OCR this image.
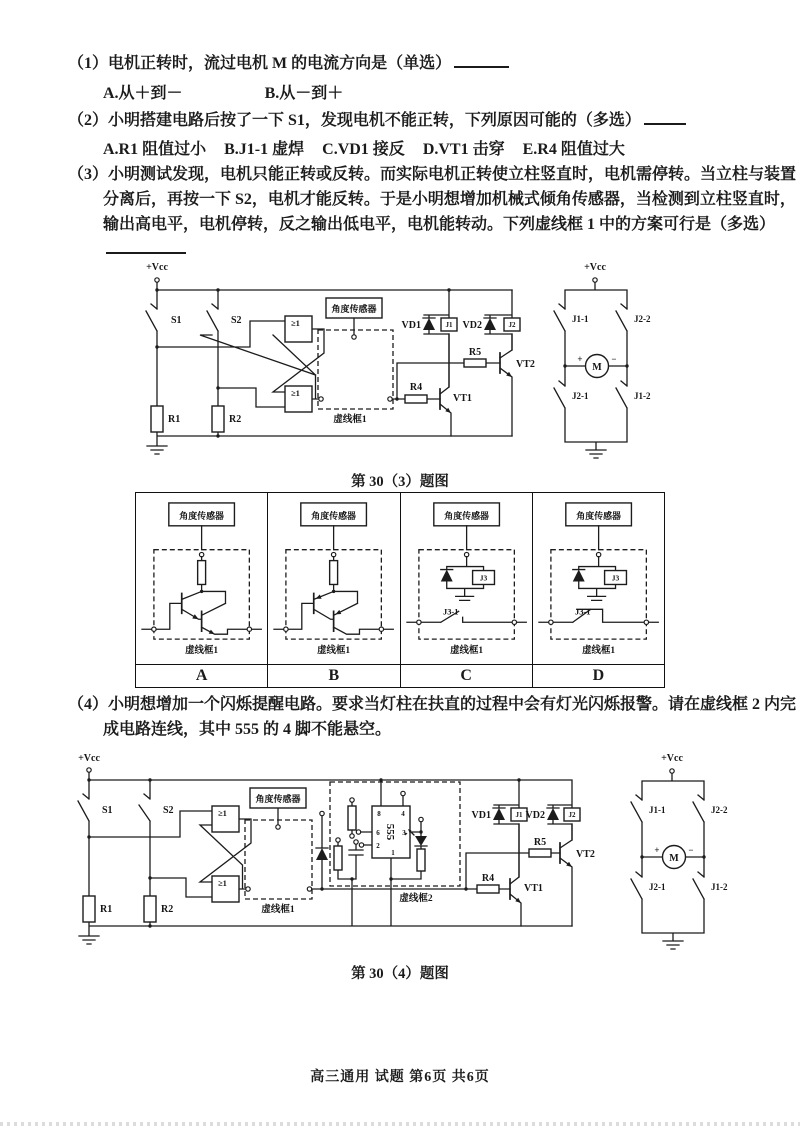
（1）电机正转时，流过电机 M 的电流方向是（单选）
A.从＋到－	B.从－到＋
（2）小明搭建电路后按了一下 S1，发现电机不能正转，下列原因可能的（多选）
A.R1 阻值过小 B.J1-1 虚焊 C.VD1 接反 D.VT1 击穿 E.R4 阻值过大
（3）小明测试发现，电机只能正转或反转。而实际电机正转使立柱竖直时，电机需停转。当立柱与装置分离后，再按一下 S2，电机才能反转。于是小明想增加机械式倾角传感器，当检测到立柱竖直时，输出高电平，电机停转，反之输出低电平，电机能转动。下列虚线框 1 中的方案可行是（多选）
+Vcc
S1	S2
R1	R2
≥1
≥1
角度传感器
虚线框1
VD1	J1 VD2	J2
R4
R5
VT1
VT2
+Vcc
J1-1	J2-2
J2-1	J1-2
M
+	−
第 30（3）题图
角度传感器
虚线框1
角度传感器
虚线框1
角度传感器
J3
J3-1
虚线框1
角度传感器
J3
J3-1
虚线框1
A	B	C	D
（4）小明想增加一个闪烁提醒电路。要求当灯柱在扶直的过程中会有灯光闪烁报警。请在虚线框 2 内完成电路连线，其中 555 的 4 脚不能悬空。
+Vcc
S1	S2
R1	R2
≥1
≥1
角度传感器
虚线框1
虚线框2
555
8	4
6
2
3
1
VD1	J1 VD2	J2
R4
R5
VT1
VT2
+Vcc
J1-1	J2-2
J2-1	J1-2
M
+	−
第 30（4）题图
高三通用 试题 第6页 共6页
